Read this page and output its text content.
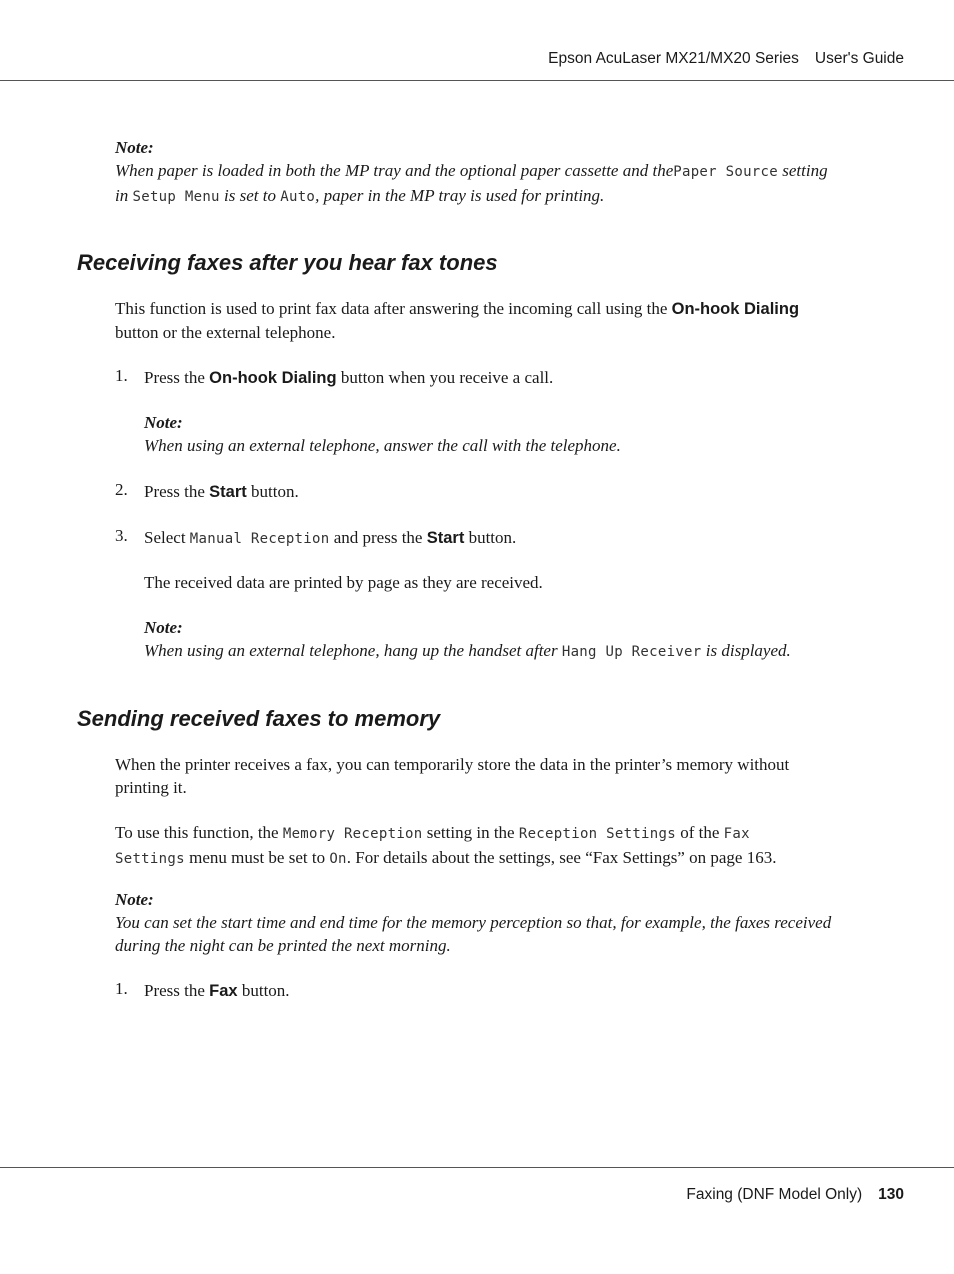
Epson AcuLaser MX21/MX20 Series User's Guide
Note:
When paper is loaded in both the MP tray and the optional paper cassette and thePaper Source setting
in Setup Menu is set to Auto, paper in the MP tray is used for printing.
Receiving faxes after you hear fax tones
This function is used to print fax data after answering the incoming call using the On-hook Dialing
button or the external telephone.
1. Press the On-hook Dialing button when you receive a call.
Note:
When using an external telephone, answer the call with the telephone.
2. Press the Start button.
3. Select Manual Reception and press the Start button.
The received data are printed by page as they are received.
Note:
When using an external telephone, hang up the handset after Hang Up Receiver is displayed.
Sending received faxes to memory
When the printer receives a fax, you can temporarily store the data in the printer’s memory without
printing it.
To use this function, the Memory Reception setting in the Reception Settings of the Fax
Settings menu must be set to On. For details about the settings, see “Fax Settings” on page 163.
Note:
You can set the start time and end time for the memory perception so that, for example, the faxes received
during the night can be printed the next morning.
1. Press the Fax button.
Faxing (DNF Model Only) 130
